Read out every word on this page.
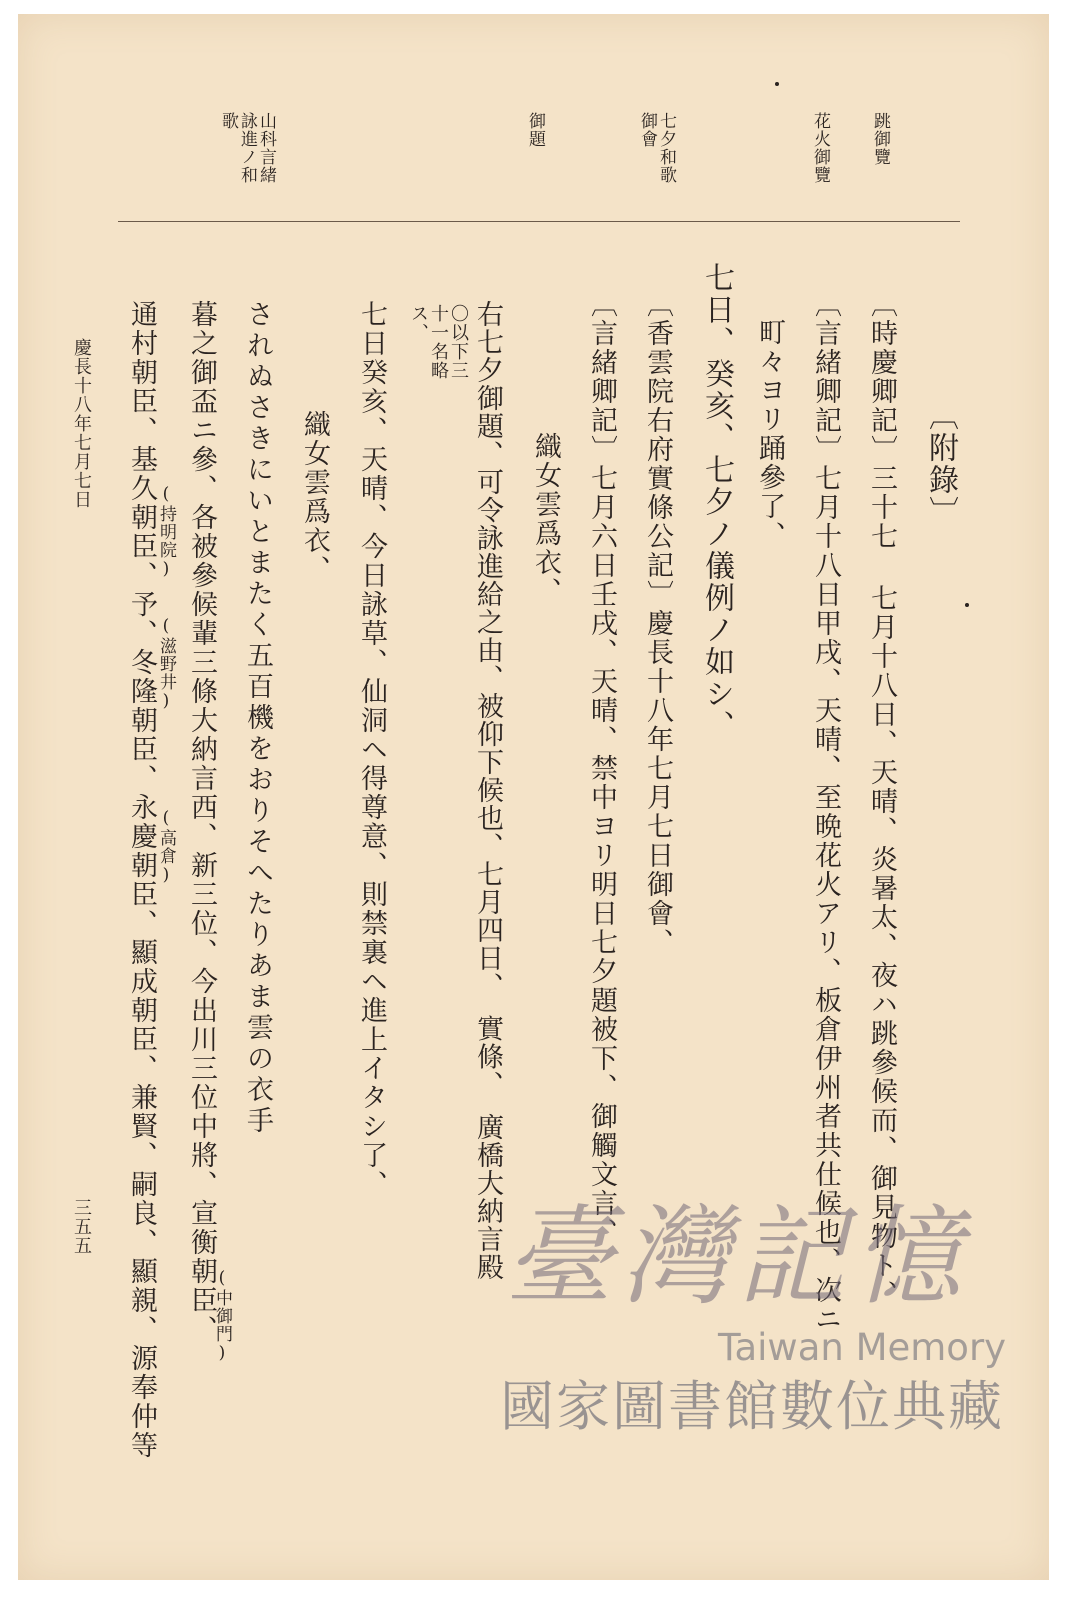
跳御覽
花火御覽
七夕和歌
御會
御題
山科言緒
詠進ノ和
歌
〔附錄〕
〔時慶卿記〕三十七 七月十八日、天晴、炎暑太、夜ハ跳參候而、御見物ト、
〔言緒卿記〕七月十八日甲戌、天晴、至晩花火アリ、板倉伊州者共仕候也、次ニ
町々ヨリ踊參了、
七日、癸亥、七夕ノ儀例ノ如シ、
〔香雲院右府實條公記〕慶長十八年七月七日御會、
〔言緒卿記〕七月六日壬戌、天晴、禁中ヨリ明日七夕題被下、御觸文言、
織女雲爲衣、
右七夕御題、可令詠進給之由、被仰下候也、七月四日、　實條、　廣橋大納言殿
〇以下三十一名略ス、
七日癸亥、天晴、今日詠草、仙洞ヘ得尊意、則禁裏ヘ進上イタシ了、
織女雲爲衣、
されぬさきにいとまたく五百機をおりそへたりあま雲の衣手
暮之御盃ニ參、各被參候輩三條大納言西、新三位、今出川三位中將、宣衡朝臣、
通村朝臣、基久朝臣、予、冬隆朝臣、永慶朝臣、顯成朝臣、兼賢、嗣良、顯親、源奉仲等	(中御門)
(持明院)
(滋野井)
(高倉)
慶長十八年七月七日
三五五	臺灣記憶
Taiwan Memory
國家圖書館數位典藏
